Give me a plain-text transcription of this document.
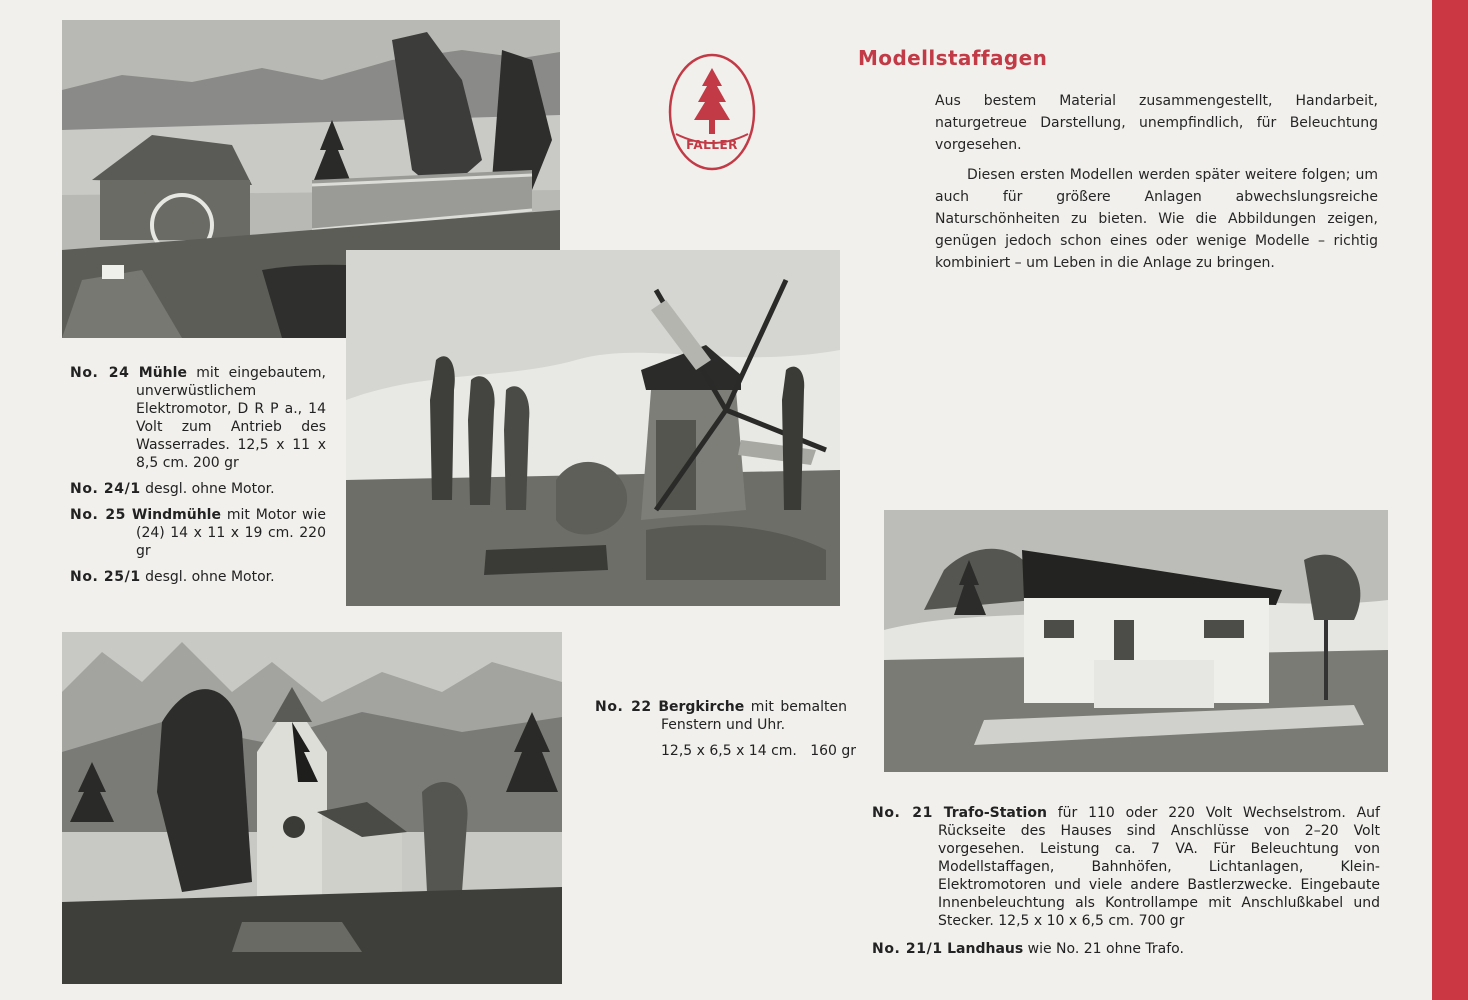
FALLER
Modellstaffagen

Aus bestem Material zusammengestellt, Handarbeit, naturgetreue Darstellung, unempfindlich, für Beleuchtung vorgesehen.

Diesen ersten Modellen werden später weitere folgen; um auch für größere Anlagen abwechslungsreiche Naturschönheiten zu bieten. Wie die Abbildungen zeigen, genügen jedoch schon eines oder wenige Modelle – richtig kombiniert – um Leben in die Anlage zu bringen.

No. 24 Mühle mit eingebautem, unverwüstlichem Elektromotor, D R P a., 14 Volt zum Antrieb des Wasserrades. 12,5 x 11 x 8,5 cm. 200 gr
No. 24/1 desgl. ohne Motor.
No. 25 Windmühle mit Motor wie (24) 14 x 11 x 19 cm. 220 gr
No. 25/1 desgl. ohne Motor.
No. 22 Bergkirche mit bemalten Fenstern und Uhr.
12,5 x 6,5 x 14 cm.   160 gr
No. 21 Trafo-Station für 110 oder 220 Volt Wechselstrom. Auf Rückseite des Hauses sind Anschlüsse von 2–20 Volt vorgesehen. Leistung ca. 7 VA. Für Beleuchtung von Modellstaffagen, Bahnhöfen, Lichtanlagen, Klein-Elektromotoren und viele andere Bastlerzwecke. Eingebaute Innenbeleuchtung als Kontrollampe mit Anschlußkabel und Stecker. 12,5 x 10 x 6,5 cm. 700 gr
No. 21/1 Landhaus wie No. 21 ohne Trafo.
